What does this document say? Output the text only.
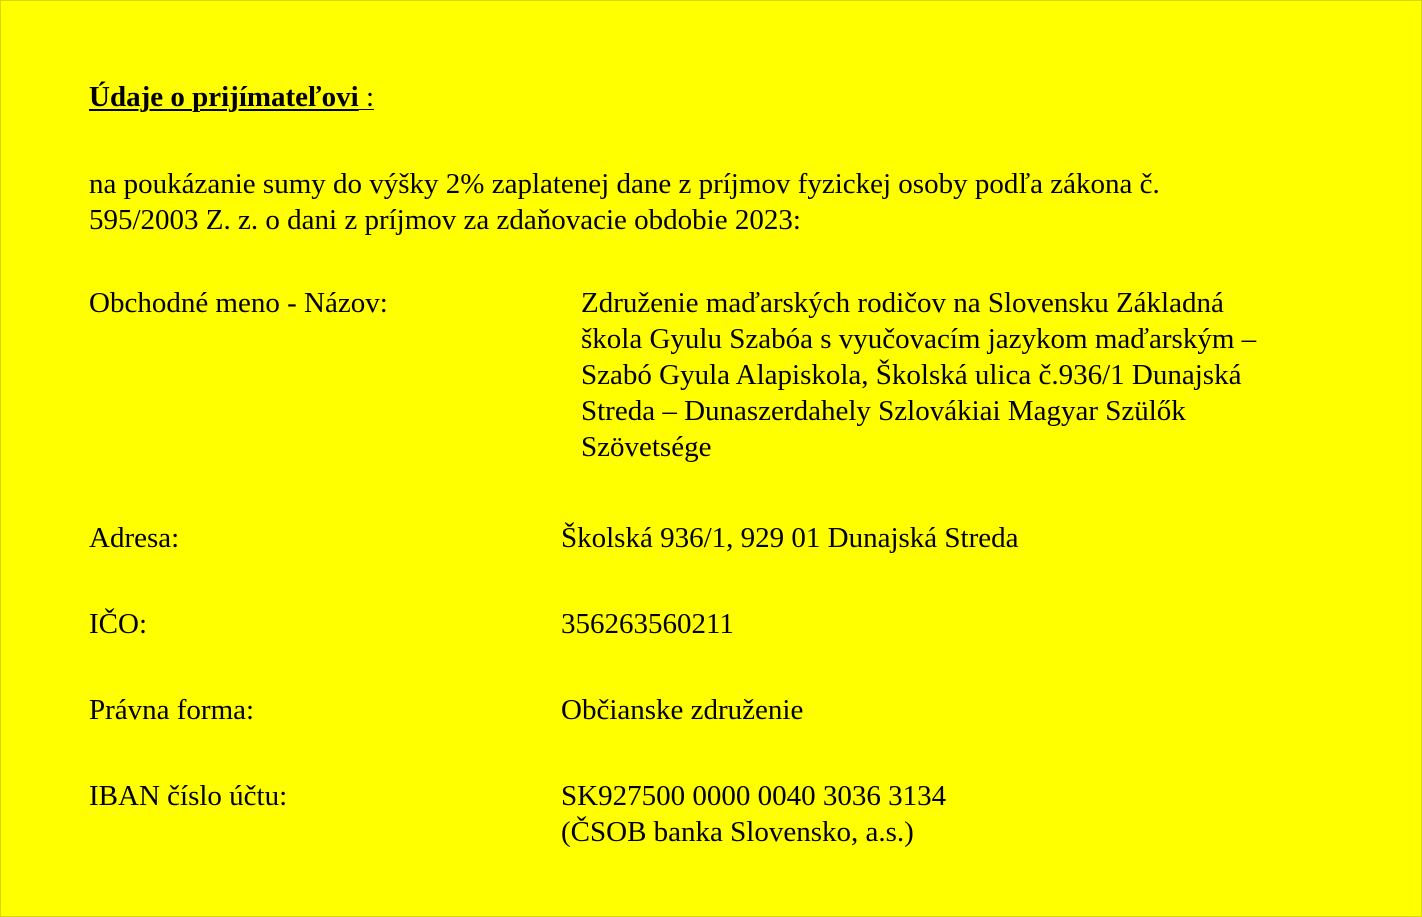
Údaje o prijímateľovi :
na poukázanie sumy do výšky 2% zaplatenej dane z príjmov fyzickej osoby podľa zákona č.
595/2003 Z. z. o dani z príjmov za zdaňovacie obdobie 2023:
Obchodné meno - Názov:	Združenie maďarských rodičov na Slovensku Základná
škola Gyulu Szabóa s vyučovacím jazykom maďarským –
Szabó Gyula Alapiskola, Školská ulica č.936/1 Dunajská
Streda – Dunaszerdahely Szlovákiai Magyar Szülők
Szövetsége
Adresa:	Školská 936/1, 929 01 Dunajská Streda
IČO:	356263560211
Právna forma:	Občianske združenie
IBAN číslo účtu:	SK927500 0000 0040 3036 3134
(ČSOB banka Slovensko, a.s.)
